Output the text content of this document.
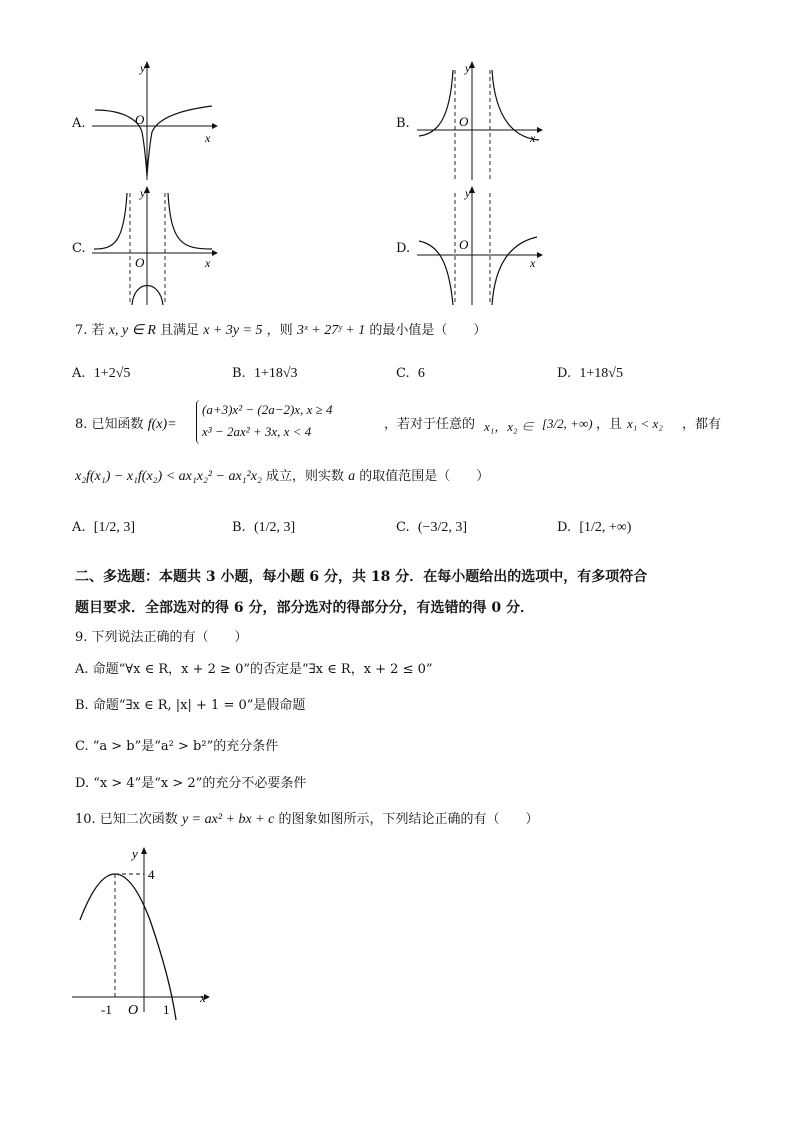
A.
y
O
x
B.
y
O
x
C.
y
O	x
D.
y
O
x
7. 若 x, y ∈ R 且满足 x + 3y = 5 ，则 3ˣ + 27ʸ + 1 的最小值是（　　）
A. 1+2√5	B. 1+18√3	C. 6	D. 1+18√5
8. 已知函数 f(x)=
(a+3)x² − (2a−2)x, x ≥ 4
x³ − 2ax² + 3x, x < 4	，若对于任意的 x₁，x₂ ∈ [3/2, +∞) ，且 x₁ < x₂ ，都有
x₂f(x₁) − x₁f(x₂) < ax₁x₂² − ax₁²x₂ 成立，则实数 a 的取值范围是（　　）
A. [1/2, 3]	B. (1/2, 3]	C. (−3/2, 3]	D. [1/2, +∞)
二、多选题：本题共 3 小题，每小题 6 分，共 18 分．在每小题给出的选项中，有多项符合
题目要求．全部选对的得 6 分，部分选对的得部分分，有选错的得 0 分．
9. 下列说法正确的有（　　）
A. 命题“∀x ∈ R，x + 2 ≥ 0”的否定是“∃x ∈ R，x + 2 ≤ 0”
B. 命题“∃x ∈ R, |x| + 1 = 0”是假命题
C. “a > b”是“a² > b²”的充分条件
D. “x > 4”是“x > 2”的充分不必要条件
10. 已知二次函数 y = ax² + bx + c 的图象如图所示，下列结论正确的有（　　）
y
4
x
-1 O 1
